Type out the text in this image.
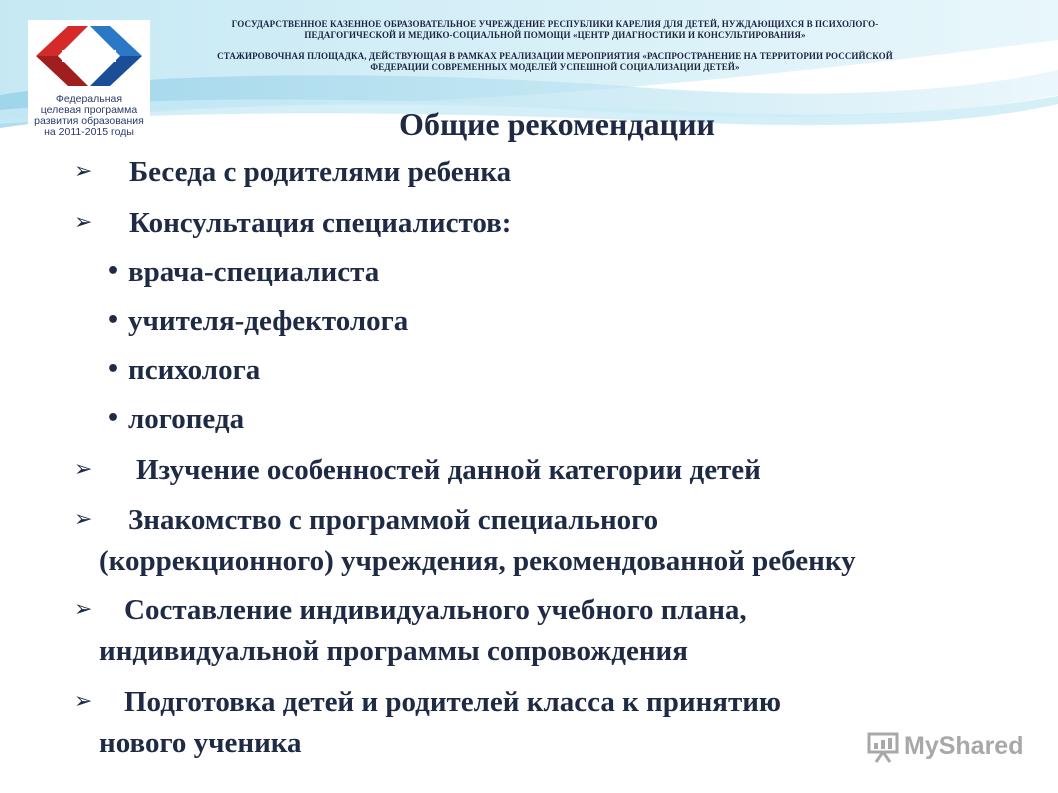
ГОСУДАРСТВЕННОЕ КАЗЕННОЕ ОБРАЗОВАТЕЛЬНОЕ УЧРЕЖДЕНИЕ РЕСПУБЛИКИ КАРЕЛИЯ ДЛЯ ДЕТЕЙ, НУЖДАЮЩИХСЯ В ПСИХОЛОГО-
ПЕДАГОГИЧЕСКОЙ И МЕДИКО-СОЦИАЛЬНОЙ ПОМОЩИ «ЦЕНТР ДИАГНОСТИКИ И КОНСУЛЬТИРОВАНИЯ»
СТАЖИРОВОЧНАЯ ПЛОЩАДКА, ДЕЙСТВУЮЩАЯ В РАМКАХ РЕАЛИЗАЦИИ МЕРОПРИЯТИЯ «РАСПРОСТРАНЕНИЕ НА ТЕРРИТОРИИ РОССИЙСКОЙ
ФЕДЕРАЦИИ СОВРЕМЕННЫХ МОДЕЛЕЙ УСПЕШНОЙ СОЦИАЛИЗАЦИИ ДЕТЕЙ»
Федеральная
целевая программа
развития образования
на 2011-2015 годы	Общие рекомендации
➢ Беседа с родителями ребенка
➢ Консультация специалистов:
• врача-специалиста
• учителя-дефектолога
• психолога
• логопеда
➢ Изучение особенностей данной категории детей
➢ Знакомство с программой специального
(коррекционного) учреждения, рекомендованной ребенку
➢ Составление индивидуального учебного плана,
индивидуальной программы сопровождения
➢ Подготовка детей и родителей класса к принятию
нового ученика	MyShared
